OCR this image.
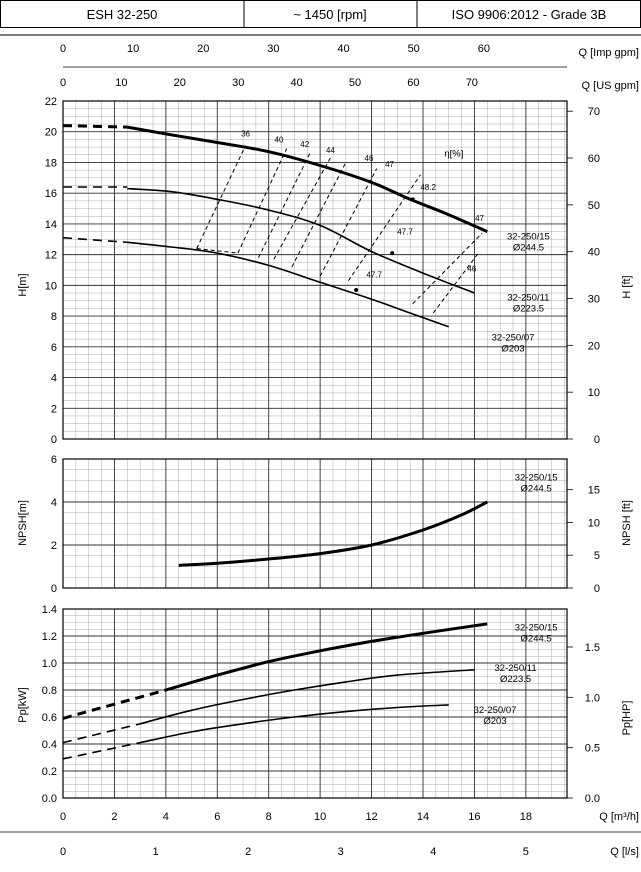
ESH 32-250	~ 1450 [rpm]	ISO 9906:2012 - Grade 3B
0	10	20	30	40	50	60	Q [Imp gpm]
0	10	20	30	40	50	60	70	Q [US gpm]
0
2
4
6
8
10
12
14
16
18
20
22
0
10
20
30
40
50
60
70
36
40
42
44
46
47
48.2
47
47.7
46
47.7
η[%]
32-250/15 Ø244.5
32-250/11 Ø223.5
32-250/07 Ø203
0
2
4
6
0
5
10
15
32-250/15 Ø244.5
0.0
0.2
0.4
0.6
0.8
1.0
1.2
1.4
0.0
0.5
1.0
1.5
32-250/15 Ø244.5
32-250/11 Ø223.5
32-250/07 Ø203
H[m]	H [ft]
NPSH[m]	NPSH [ft]
Pp[kW]	Pp[HP]
0	2	4	6	8	10	12	14	16	18	Q [m³/h]
0	1	2	3	4	5	Q [l/s]
